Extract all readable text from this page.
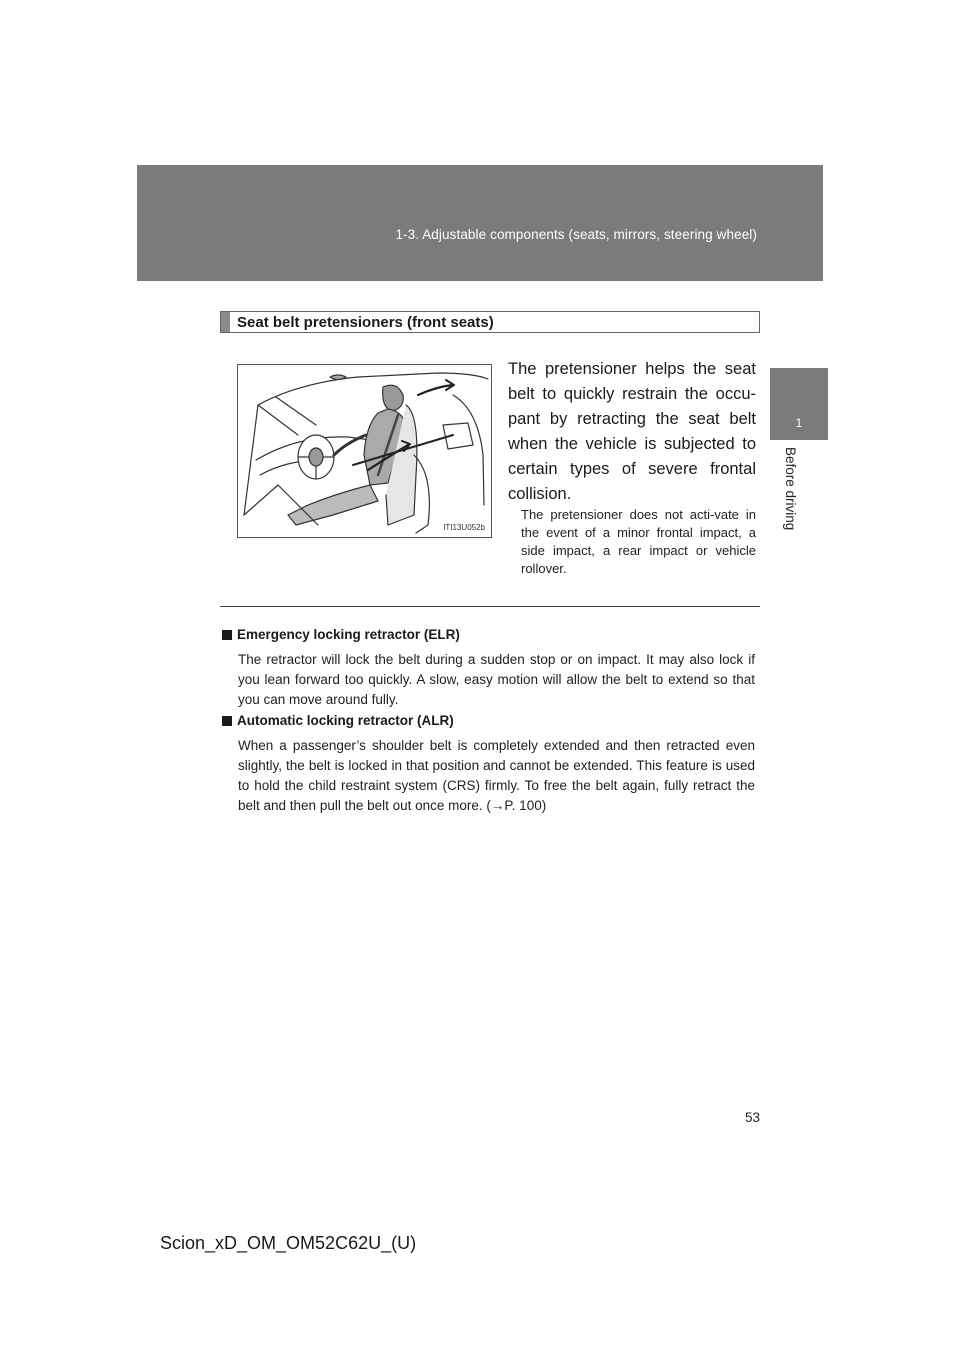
1-3. Adjustable components (seats, mirrors, steering wheel)
1
Before driving
Seat belt pretensioners (front seats)
ITI13U052b
The pretensioner helps the seat belt to quickly restrain the occu-pant by retracting the seat belt when the vehicle is subjected to certain types of severe frontal collision.
The pretensioner does not acti-vate in the event of a minor frontal impact, a side impact, a rear impact or vehicle rollover.
Emergency locking retractor (ELR)
The retractor will lock the belt during a sudden stop or on impact. It may also lock if you lean forward too quickly. A slow, easy motion will allow the belt to extend so that you can move around fully.
Automatic locking retractor (ALR)
When a passenger’s shoulder belt is completely extended and then retracted even slightly, the belt is locked in that position and cannot be extended. This feature is used to hold the child restraint system (CRS) firmly. To free the belt again, fully retract the belt and then pull the belt out once more. (→P. 100)
53
Scion_xD_OM_OM52C62U_(U)
